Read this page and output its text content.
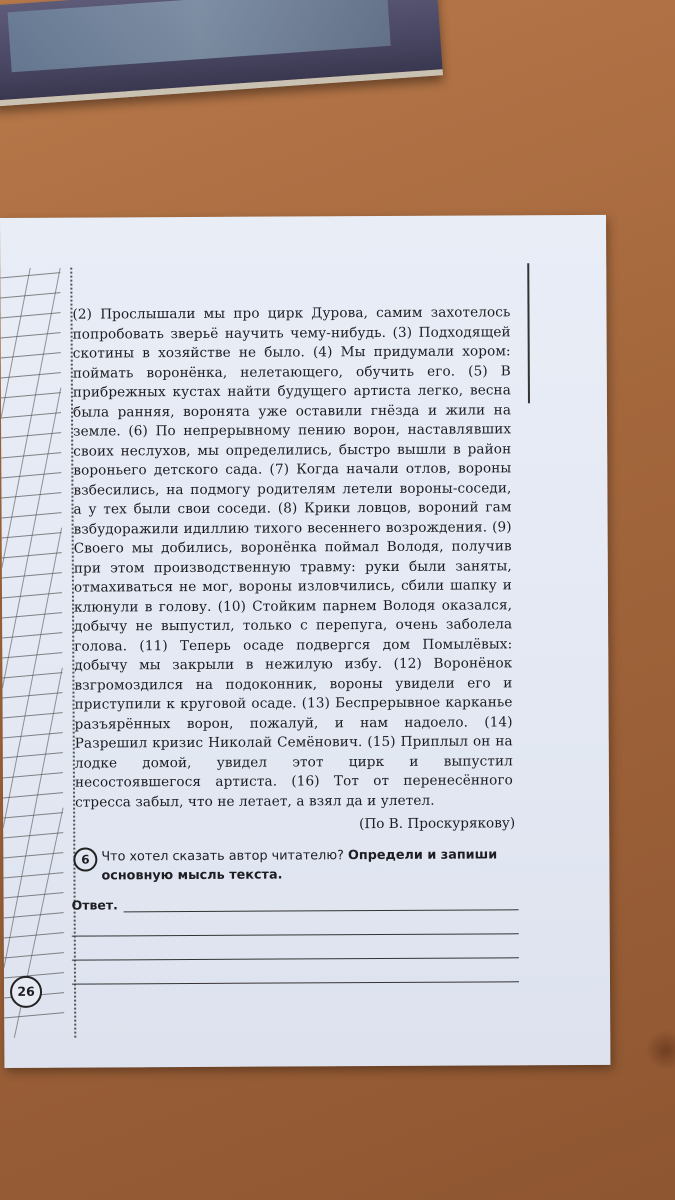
(2) Прослышали мы про цирк Дурова, самим захотелось попробовать зверьё научить чему-нибудь. (3) Подходящей скотины в хозяйстве не было. (4) Мы придумали хором: поймать воронёнка, нелетающего, обучить его. (5) В прибрежных кустах найти будущего артиста легко, весна была ранняя, воронята уже оставили гнёзда и жили на земле. (6) По непрерывному пению ворон, наставлявших своих неслухов, мы определились, быстро вышли в район вороньего детского сада. (7) Когда начали отлов, вороны взбесились, на подмогу родителям летели вороны-соседи, а у тех были свои соседи. (8) Крики ловцов, вороний гам взбудоражили идиллию тихого весеннего возрождения. (9) Своего мы добились, воронёнка поймал Володя, получив при этом производственную травму: руки были заняты, отмахиваться не мог, вороны изловчились, сбили шапку и клюнули в голову. (10) Стойким парнем Володя оказался, добычу не выпустил, только с перепуга, очень заболела голова. (11) Теперь осаде подвергся дом Помылёвых: добычу мы закрыли в нежилую избу. (12) Воронёнок взгромоздился на подоконник, вороны увидели его и приступили к круговой осаде. (13) Беспрерывное карканье разъярённых ворон, пожалуй, и нам надоело. (14) Разрешил кризис Николай Семёнович. (15) Приплыл он на лодке домой, увидел этот цирк и выпустил несостоявшегося артиста. (16) Тот от перенесённого стресса забыл, что не летает, а взял да и улетел.

(По В. Проскурякову)
6 Что хотел сказать автор читателю? Определи и запиши основную мысль текста.
Ответ.
26
